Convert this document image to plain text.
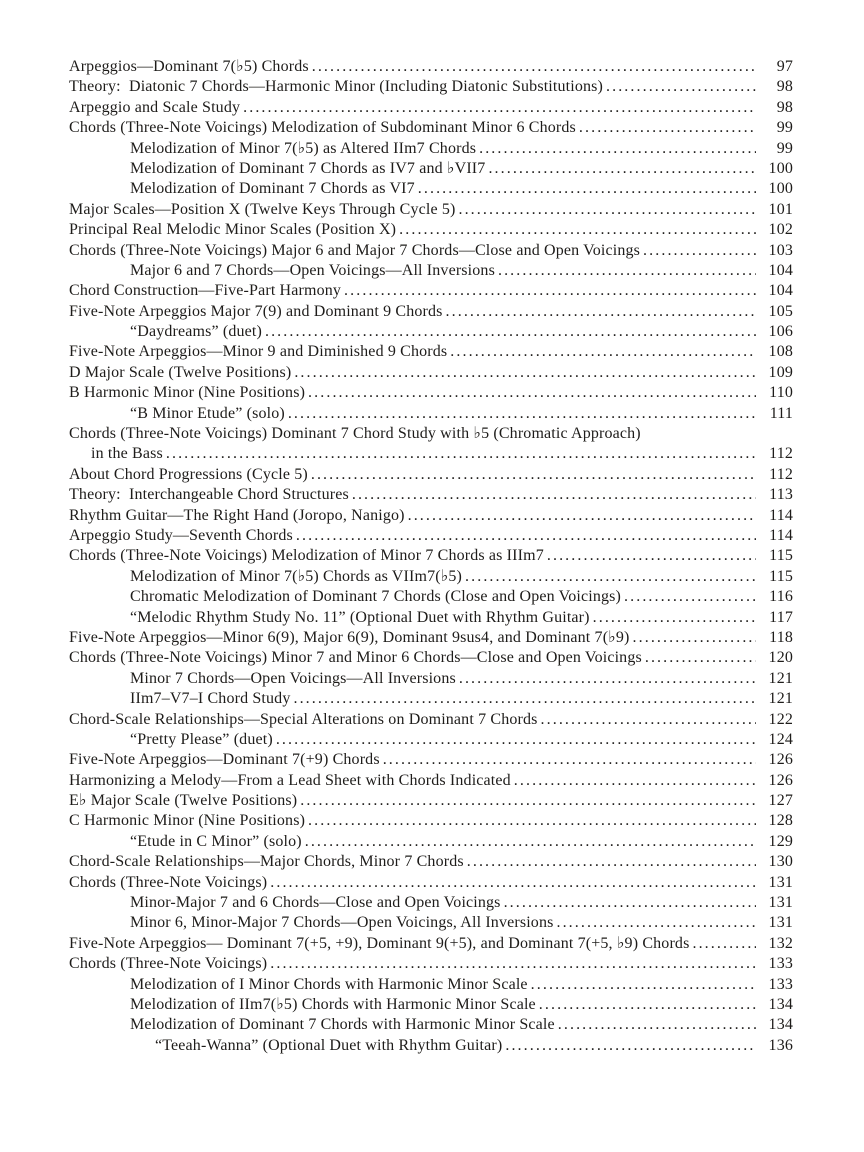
Arpeggios—Dominant 7(♭5) Chords .....	97
Theory:  Diatonic 7 Chords—Harmonic Minor (Including Diatonic Substitutions) .....	98
Arpeggio and Scale Study .....	98
Chords (Three-Note Voicings) Melodization of Subdominant Minor 6 Chords .....	99
Melodization of Minor 7(♭5) as Altered IIm7 Chords .....	99
Melodization of Dominant 7 Chords as IV7 and ♭VII7 .....	100
Melodization of Dominant 7 Chords as VI7 .....	100
Major Scales—Position X (Twelve Keys Through Cycle 5) .....	101
Principal Real Melodic Minor Scales (Position X) .....	102
Chords (Three-Note Voicings) Major 6 and Major 7 Chords—Close and Open Voicings .....	103
Major 6 and 7 Chords—Open Voicings—All Inversions .....	104
Chord Construction—Five-Part Harmony .....	104
Five-Note Arpeggios Major 7(9) and Dominant 9 Chords .....	105
“Daydreams” (duet) .....	106
Five-Note Arpeggios—Minor 9 and Diminished 9 Chords .....	108
D Major Scale (Twelve Positions) .....	109
B Harmonic Minor (Nine Positions) .....	110
“B Minor Etude” (solo) .....	111
Chords (Three-Note Voicings) Dominant 7 Chord Study with ♭5 (Chromatic Approach)
in the Bass .....	112
About Chord Progressions (Cycle 5) .....	112
Theory:  Interchangeable Chord Structures .....	113
Rhythm Guitar—The Right Hand (Joropo, Nanigo) .....	114
Arpeggio Study—Seventh Chords .....	114
Chords (Three-Note Voicings) Melodization of Minor 7 Chords as IIIm7 .....	115
Melodization of Minor 7(♭5) Chords as VIIm7(♭5) .....	115
Chromatic Melodization of Dominant 7 Chords (Close and Open Voicings) .....	116
“Melodic Rhythm Study No. 11” (Optional Duet with Rhythm Guitar) .....	117
Five-Note Arpeggios—Minor 6(9), Major 6(9), Dominant 9sus4, and Dominant 7(♭9) .....	118
Chords (Three-Note Voicings) Minor 7 and Minor 6 Chords—Close and Open Voicings .....	120
Minor 7 Chords—Open Voicings—All Inversions .....	121
IIm7–V7–I Chord Study .....	121
Chord-Scale Relationships—Special Alterations on Dominant 7 Chords .....	122
“Pretty Please” (duet) .....	124
Five-Note Arpeggios—Dominant 7(+9) Chords .....	126
Harmonizing a Melody—From a Lead Sheet with Chords Indicated .....	126
E♭ Major Scale (Twelve Positions) .....	127
C Harmonic Minor (Nine Positions) .....	128
“Etude in C Minor” (solo) .....	129
Chord-Scale Relationships—Major Chords, Minor 7 Chords .....	130
Chords (Three-Note Voicings) .....	131
Minor-Major 7 and 6 Chords—Close and Open Voicings .....	131
Minor 6, Minor-Major 7 Chords—Open Voicings, All Inversions .....	131
Five-Note Arpeggios— Dominant 7(+5, +9), Dominant 9(+5), and Dominant 7(+5, ♭9) Chords .....	132
Chords (Three-Note Voicings) .....	133
Melodization of I Minor Chords with Harmonic Minor Scale .....	133
Melodization of IIm7(♭5) Chords with Harmonic Minor Scale .....	134
Melodization of Dominant 7 Chords with Harmonic Minor Scale .....	134
“Teeah-Wanna” (Optional Duet with Rhythm Guitar) .....	136
